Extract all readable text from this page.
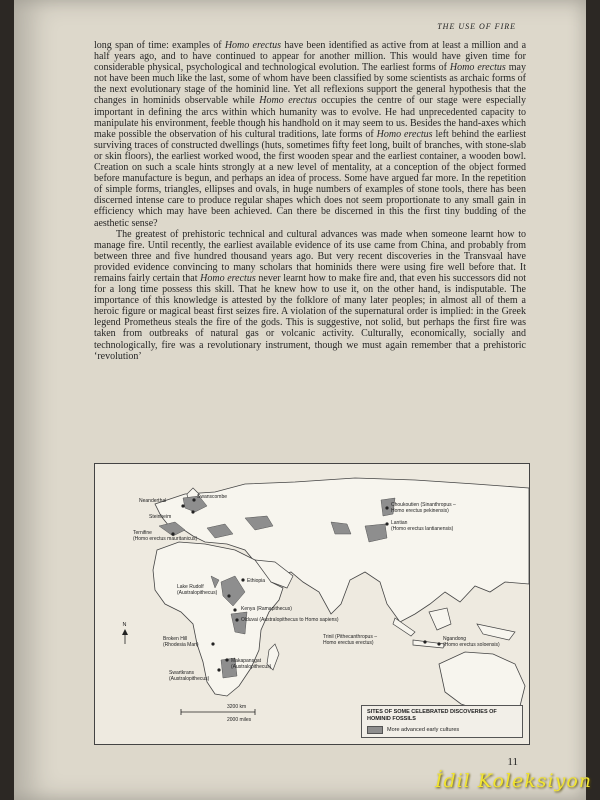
THE USE OF FIRE

long span of time: examples of Homo erectus have been identified as active from at least a million and a half years ago, and to have continued to appear for another million. This would have given time for considerable physical, psychological and technological evolution. The earliest forms of Homo erectus may not have been much like the last, some of whom have been classified by some scientists as archaic forms of the next evolutionary stage of the hominid line. Yet all reflexions support the general hypothesis that the changes in hominids observable while Homo erectus occupies the centre of our stage were especially important in defining the arcs within which humanity was to evolve. He had unprecedented capacity to manipulate his environment, feeble though his handhold on it may seem to us. Besides the hand-axes which make possible the observation of his cultural traditions, late forms of Homo erectus left behind the earliest surviving traces of constructed dwellings (huts, sometimes fifty feet long, built of branches, with stone-slab or skin floors), the earliest worked wood, the first wooden spear and the earliest container, a wooden bowl. Creation on such a scale hints strongly at a new level of mentality, at a conception of the object formed before manufacture is begun, and perhaps an idea of process. Some have argued far more. In the repetition of simple forms, triangles, ellipses and ovals, in huge numbers of examples of stone tools, there has been discerned intense care to produce regular shapes which does not seem proportionate to any small gain in efficiency which may have been achieved. Can there be discerned in this the first tiny budding of the aesthetic sense?

The greatest of prehistoric technical and cultural advances was made when someone learnt how to manage fire. Until recently, the earliest available evidence of its use came from China, and probably from between three and five hundred thousand years ago. But very recent discoveries in the Transvaal have provided evidence convincing to many scholars that hominids there were using fire well before that. It remains fairly certain that Homo erectus never learnt how to make fire and, that even his successors did not for a long time possess this skill. That he knew how to use it, on the other hand, is indisputable. The importance of this knowledge is attested by the folklore of many later peoples; in almost all of them a heroic figure or magical beast first seizes fire. A violation of the supernatural order is implied: in the Greek legend Prometheus steals the fire of the gods. This is suggestive, not solid, but perhaps the first fire was taken from outbreaks of natural gas or volcanic activity. Culturally, economically, socially and technologically, fire was a revolutionary instrument, though we must again remember that a prehistoric ‘revolution’

Neanderthal
Swanscombe
Steinheim
Ternifine (Homo erectus mauritanicus)
Choukoutien (Sinanthropus – Homo erectus pekinensis)
Lantian (Homo erectus lantianensis)
Ethiopia
Lake Rudolf (Australopithecus)
Kenya (Ramapithecus)
Olduvai (Australopithecus to Homo sapiens)
Trinil (Pithecanthropus – Homo erectus erectus)
Ngandong (Homo erectus soloensis)
Broken Hill (Rhodesia Man)
Makapansgat (Australopithecus)
Swartkrans (Australopithecus)
N
3200 km
2000 miles
SITES OF SOME CELEBRATED DISCOVERIES OF HOMINID FOSSILS
More advanced early cultures
11
İdil Koleksiyon
